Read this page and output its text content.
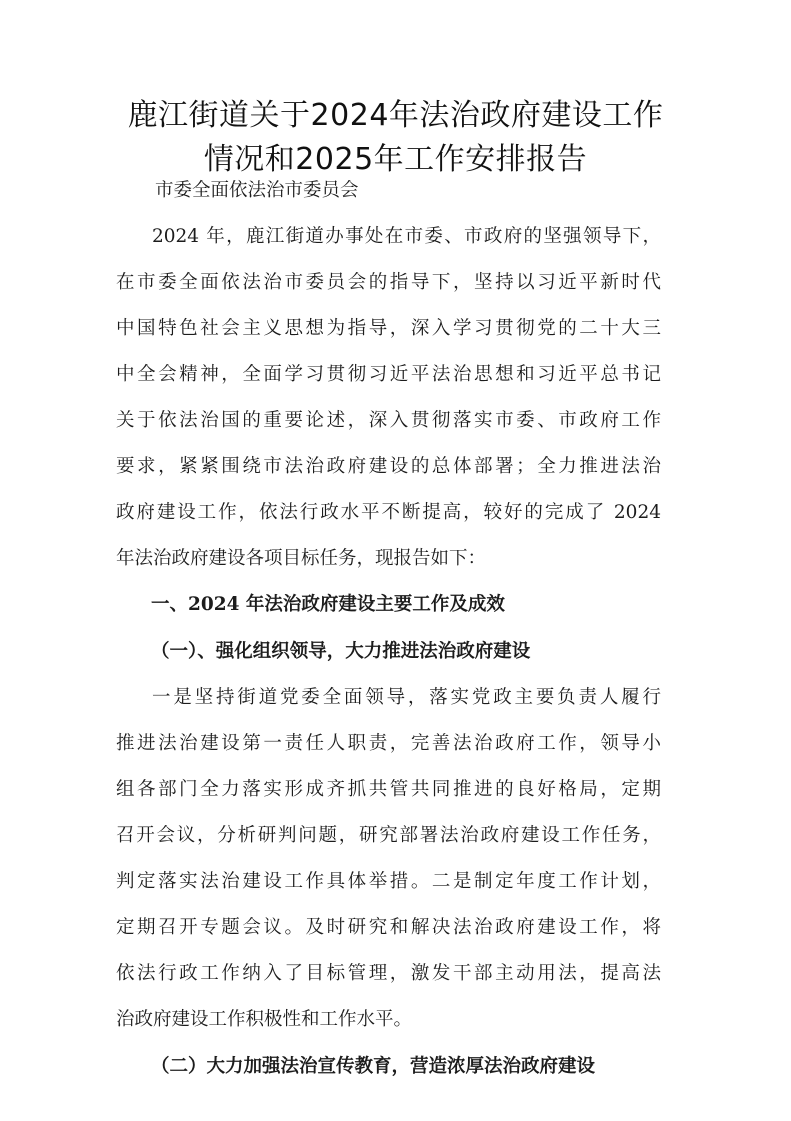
鹿江街道关于2024年法治政府建设工作
情况和2025年工作安排报告
市委全面依法治市委员会
2024 年，鹿江街道办事处在市委、市政府的坚强领导下，
在市委全面依法治市委员会的指导下，坚持以习近平新时代
中国特色社会主义思想为指导，深入学习贯彻党的二十大三
中全会精神，全面学习贯彻习近平法治思想和习近平总书记
关于依法治国的重要论述，深入贯彻落实市委、市政府工作
要求，紧紧围绕市法治政府建设的总体部署；全力推进法治
政府建设工作，依法行政水平不断提高，较好的完成了 2024
年法治政府建设各项目标任务，现报告如下：
一、2024 年法治政府建设主要工作及成效
（一）、强化组织领导，大力推进法治政府建设
一是坚持街道党委全面领导，落实党政主要负责人履行
推进法治建设第一责任人职责，完善法治政府工作，领导小
组各部门全力落实形成齐抓共管共同推进的良好格局，定期
召开会议，分析研判问题，研究部署法治政府建设工作任务，
判定落实法治建设工作具体举措。二是制定年度工作计划，
定期召开专题会议。及时研究和解决法治政府建设工作，将
依法行政工作纳入了目标管理，激发干部主动用法，提高法
治政府建设工作积极性和工作水平。
（二）大力加强法治宣传教育，营造浓厚法治政府建设
